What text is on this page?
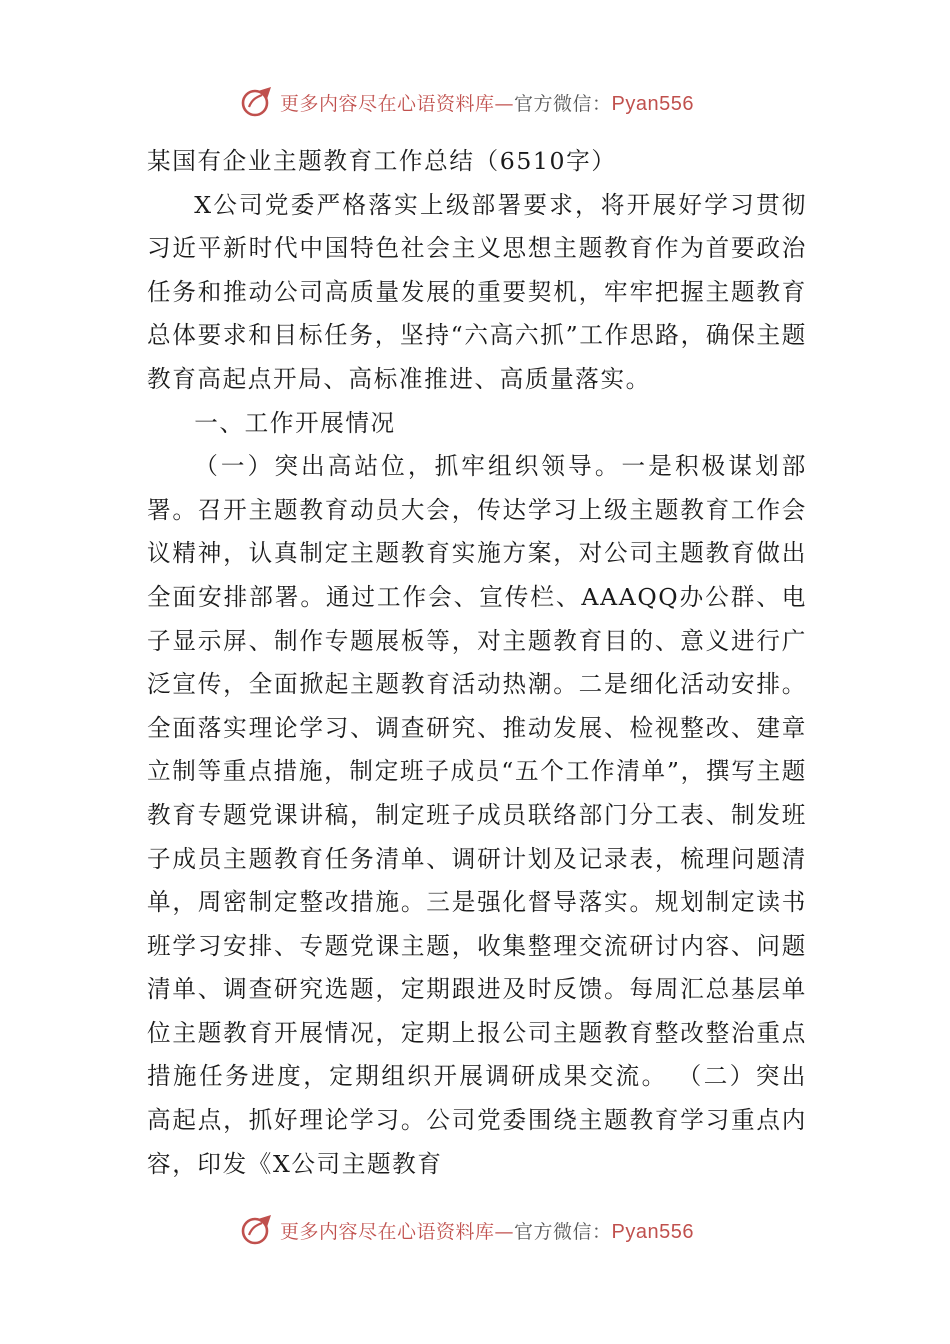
更多内容尽在心语资料库—官方微信：Pyan556

某国有企业主题教育工作总结（6510字）

X公司党委严格落实上级部署要求，将开展好学习贯彻习近平新时代中国特色社会主义思想主题教育作为首要政治任务和推动公司高质量发展的重要契机，牢牢把握主题教育总体要求和目标任务，坚持“六高六抓”工作思路，确保主题教育高起点开局、高标准推进、高质量落实。

一、工作开展情况

（一）突出高站位，抓牢组织领导。一是积极谋划部署。召开主题教育动员大会，传达学习上级主题教育工作会议精神，认真制定主题教育实施方案，对公司主题教育做出全面安排部署。通过工作会、宣传栏、AAAQQ办公群、电子显示屏、制作专题展板等，对主题教育目的、意义进行广泛宣传，全面掀起主题教育活动热潮。二是细化活动安排。全面落实理论学习、调查研究、推动发展、检视整改、建章立制等重点措施，制定班子成员“五个工作清单”，撰写主题教育专题党课讲稿，制定班子成员联络部门分工表、制发班子成员主题教育任务清单、调研计划及记录表，梳理问题清单，周密制定整改措施。三是强化督导落实。规划制定读书班学习安排、专题党课主题，收集整理交流研讨内容、问题清单、调查研究选题，定期跟进及时反馈。每周汇总基层单位主题教育开展情况，定期上报公司主题教育整改整治重点措施任务进度，定期组织开展调研成果交流。 （二）突出高起点，抓好理论学习。公司党委围绕主题教育学习重点内容，印发《X公司主题教育

更多内容尽在心语资料库—官方微信：Pyan556
